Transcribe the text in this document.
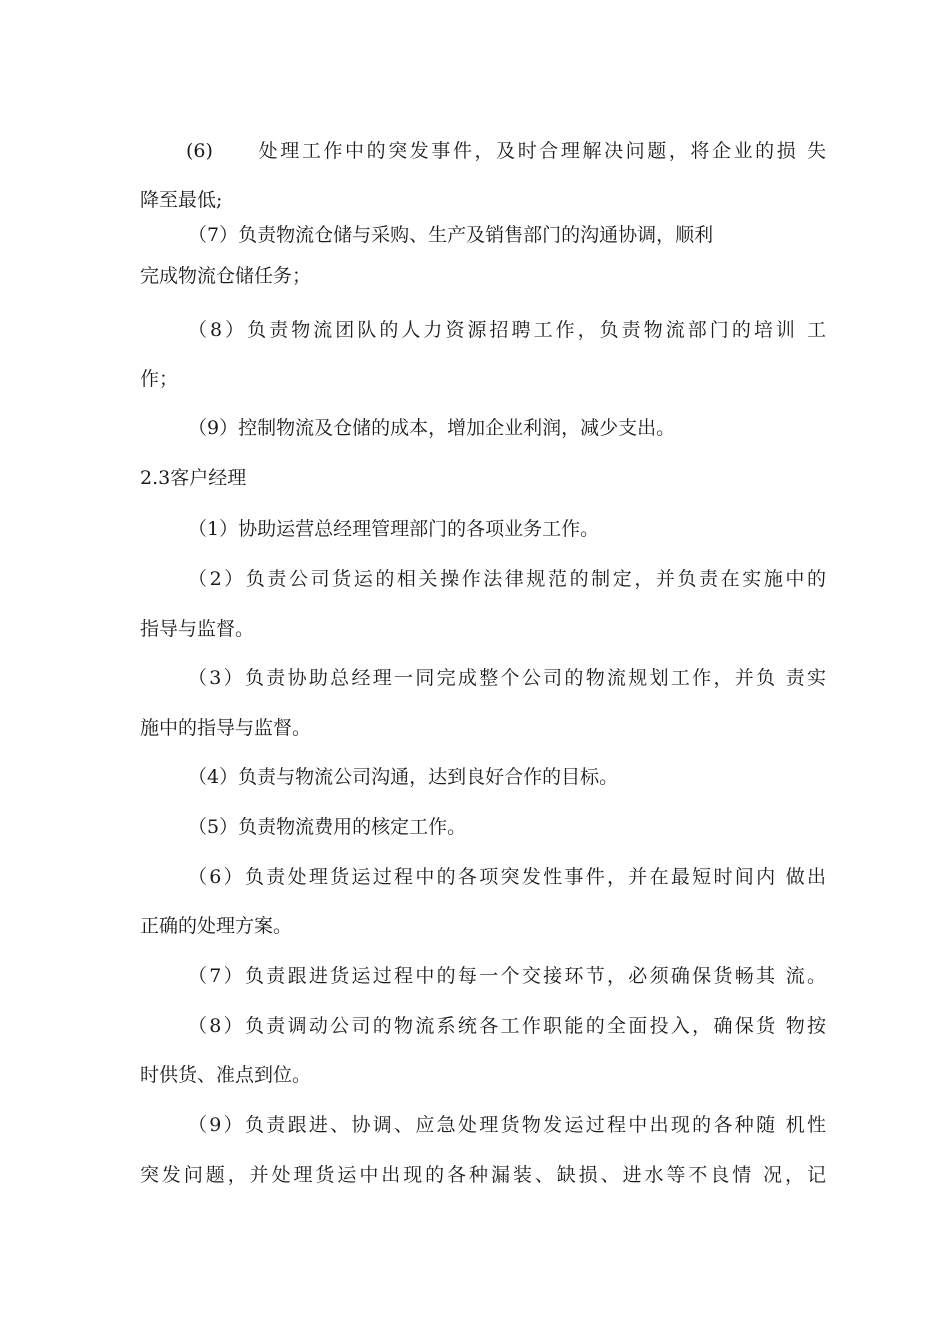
(6)　　处理工作中的突发事件，及时合理解决问题，将企业的损 失
降至最低;
（7）负责物流仓储与采购、生产及销售部门的沟通协调，顺利
完成物流仓储任务；
（8）负责物流团队的人力资源招聘工作，负责物流部门的培训 工
作；
（9）控制物流及仓储的成本，增加企业利润，减少支出。
2.3客户经理
（1）协助运营总经理管理部门的各项业务工作。
（2）负责公司货运的相关操作法律规范的制定，并负责在实施中的
指导与监督。
（3）负责协助总经理一同完成整个公司的物流规划工作，并负 责实
施中的指导与监督。
（4）负责与物流公司沟通，达到良好合作的目标。
（5）负责物流费用的核定工作。
（6）负责处理货运过程中的各项突发性事件，并在最短时间内 做出
正确的处理方案。
（7）负责跟进货运过程中的每一个交接环节，必须确保货畅其 流。
（8）负责调动公司的物流系统各工作职能的全面投入，确保货 物按
时供货、准点到位。
（9）负责跟进、协调、应急处理货物发运过程中出现的各种随 机性
突发问题，并处理货运中出现的各种漏装、缺损、进水等不良情 况，记
